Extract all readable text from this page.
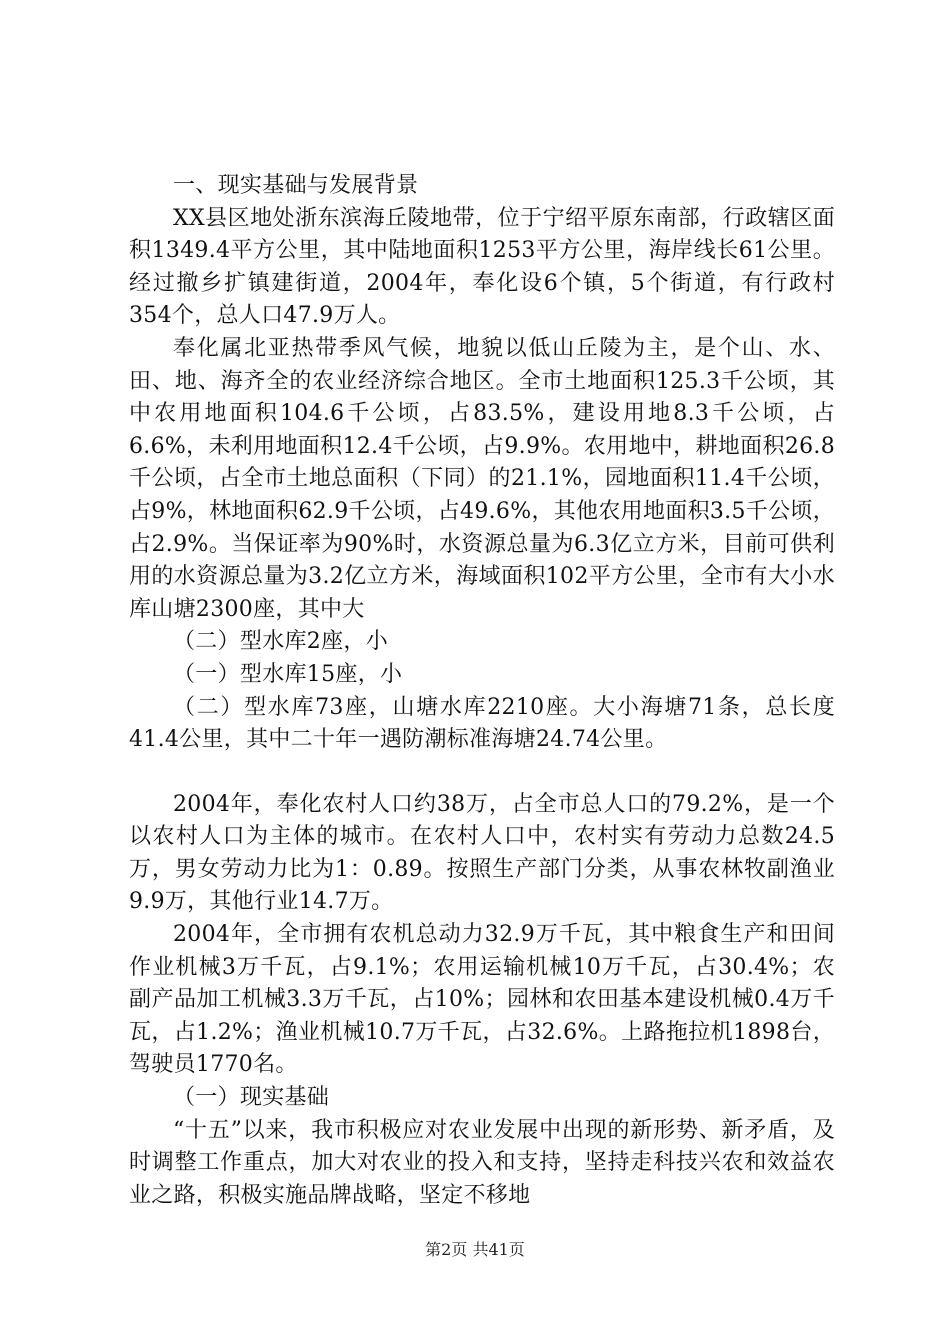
一、现实基础与发展背景

XX县区地处浙东滨海丘陵地带，位于宁绍平原东南部，行政辖区面积1349.4平方公里，其中陆地面积1253平方公里，海岸线长61公里。经过撤乡扩镇建街道，2004年，奉化设6个镇，5个街道，有行政村354个，总人口47.9万人。

奉化属北亚热带季风气候，地貌以低山丘陵为主，是个山、水、田、地、海齐全的农业经济综合地区。全市土地面积125.3千公顷，其中农用地面积104.6千公顷，占83.5%，建设用地8.3千公顷，占6.6%，未利用地面积12.4千公顷，占9.9%。农用地中，耕地面积26.8千公顷，占全市土地总面积（下同）的21.1%，园地面积11.4千公顷，占9%，林地面积62.9千公顷，占49.6%，其他农用地面积3.5千公顷，占2.9%。当保证率为90%时，水资源总量为6.3亿立方米，目前可供利用的水资源总量为3.2亿立方米，海域面积102平方公里，全市有大小水库山塘2300座，其中大

（二）型水库2座，小

（一）型水库15座，小

（二）型水库73座，山塘水库2210座。大小海塘71条，总长度41.4公里，其中二十年一遇防潮标准海塘24.74公里。

2004年，奉化农村人口约38万，占全市总人口的79.2%，是一个以农村人口为主体的城市。在农村人口中，农村实有劳动力总数24.5万，男女劳动力比为1：0.89。按照生产部门分类，从事农林牧副渔业9.9万，其他行业14.7万。

2004年，全市拥有农机总动力32.9万千瓦，其中粮食生产和田间作业机械3万千瓦，占9.1%；农用运输机械10万千瓦，占30.4%；农副产品加工机械3.3万千瓦，占10%；园林和农田基本建设机械0.4万千瓦，占1.2%；渔业机械10.7万千瓦，占32.6%。上路拖拉机1898台，驾驶员1770名。

（一）现实基础

“十五”以来，我市积极应对农业发展中出现的新形势、新矛盾，及时调整工作重点，加大对农业的投入和支持，坚持走科技兴农和效益农业之路，积极实施品牌战略，坚定不移地

第2页 共41页
